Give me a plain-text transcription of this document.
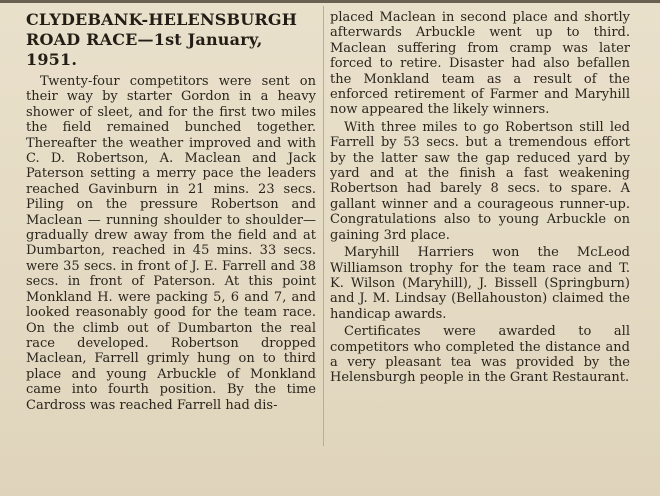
CLYDEBANK-HELENSBURGH
ROAD RACE—1st January, 1951.

Twenty-four competitors were sent on their way by starter Gordon in a heavy shower of sleet, and for the first two miles the field remained bunched together. Thereafter the weather improved and with C. D. Robertson, A. Maclean and Jack Paterson setting a merry pace the leaders reached Gavinburn in 21 mins. 23 secs. Piling on the pressure Robertson and Maclean — running shoulder to shoulder—gradually drew away from the field and at Dumbarton, reached in 45 mins. 33 secs. were 35 secs. in front of J. E. Farrell and 38 secs. in front of Paterson. At this point Monkland H. were packing 5, 6 and 7, and looked reasonably good for the team race. On the climb out of Dumbarton the real race developed. Robertson dropped Maclean, Farrell grimly hung on to third place and young Arbuckle of Monkland came into fourth position. By the time Cardross was reached Farrell had dis-

placed Maclean in second place and shortly afterwards Arbuckle went up to third. Maclean suffering from cramp was later forced to retire. Disaster had also befallen the Monkland team as a result of the enforced retirement of Farmer and Maryhill now appeared the likely winners.

With three miles to go Robertson still led Farrell by 53 secs. but a tremendous effort by the latter saw the gap reduced yard by yard and at the finish a fast weakening Robertson had barely 8 secs. to spare. A gallant winner and a courageous runner-up. Congratulations also to young Arbuckle on gaining 3rd place.

Maryhill Harriers won the McLeod Williamson trophy for the team race and T. K. Wilson (Maryhill), J. Bissell (Springburn) and J. M. Lindsay (Bellahouston) claimed the handicap awards.

Certificates were awarded to all competitors who completed the distance and a very pleasant tea was provided by the Helensburgh people in the Grant Restaurant.
